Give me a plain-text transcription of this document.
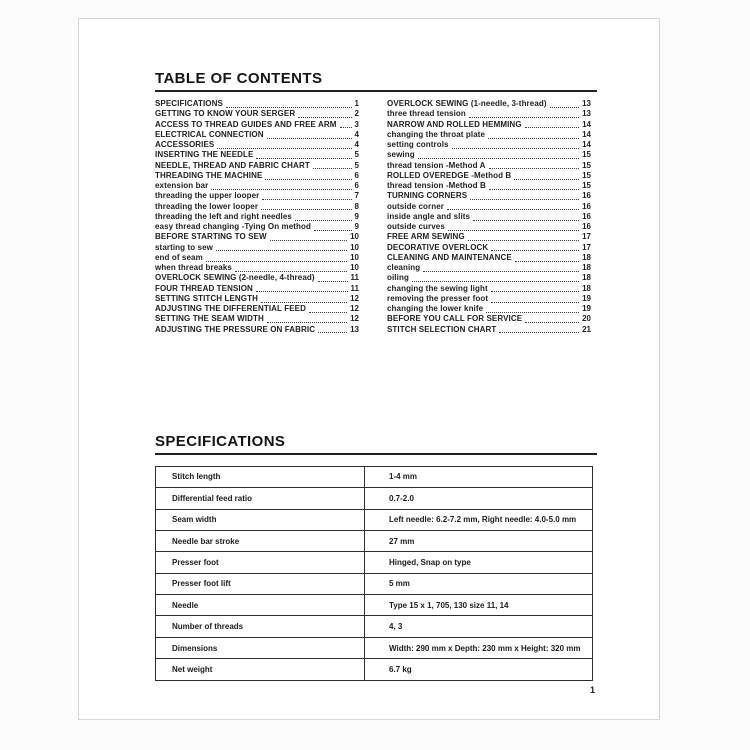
TABLE OF CONTENTS
SPECIFICATIONS	1
GETTING TO KNOW YOUR SERGER	2
ACCESS TO THREAD GUIDES AND FREE ARM 3
ELECTRICAL CONNECTION	4
ACCESSORIES	4
INSERTING THE NEEDLE	5
NEEDLE, THREAD AND FABRIC CHART	5
THREADING THE MACHINE	6
extension bar	6
threading the upper looper	7
threading the lower looper	8
threading the left and right needles	9
easy thread changing -Tying On method	9
BEFORE STARTING TO SEW	10
starting to sew	10
end of seam	10
when thread breaks	10
OVERLOCK SEWING (2-needle, 4-thread)	11
FOUR THREAD TENSION	11
SETTING STITCH LENGTH	12
ADJUSTING THE DIFFERENTIAL FEED	12
SETTING THE SEAM WIDTH	12
ADJUSTING THE PRESSURE ON FABRIC	13
OVERLOCK SEWING (1-needle, 3-thread)	13
three thread tension	13
NARROW AND ROLLED HEMMING	14
changing the throat plate	14
setting controls	14
sewing	15
thread tension -Method A	15
ROLLED OVEREDGE -Method B	15
thread tension -Method B	15
TURNING CORNERS	16
outside corner	16
inside angle and slits	16
outside curves	16
FREE ARM SEWING	17
DECORATIVE OVERLOCK	17
CLEANING AND MAINTENANCE	18
cleaning	18
oiling	18
changing the sewing light	18
removing the presser foot	19
changing the lower knife	19
BEFORE YOU CALL FOR SERVICE	20
STITCH SELECTION CHART	21
SPECIFICATIONS
Stitch length	1-4 mm
Differential feed ratio	0.7-2.0
Seam width	Left needle: 6.2-7.2 mm, Right needle: 4.0-5.0 mm
Needle bar stroke	27 mm
Presser foot	Hinged, Snap on type
Presser foot lift	5 mm
Needle	Type 15 x 1, 705, 130 size 11, 14
Number of threads	4, 3
Dimensions	Width: 290 mm x Depth: 230 mm x Height: 320 mm
Net weight	6.7 kg
1
